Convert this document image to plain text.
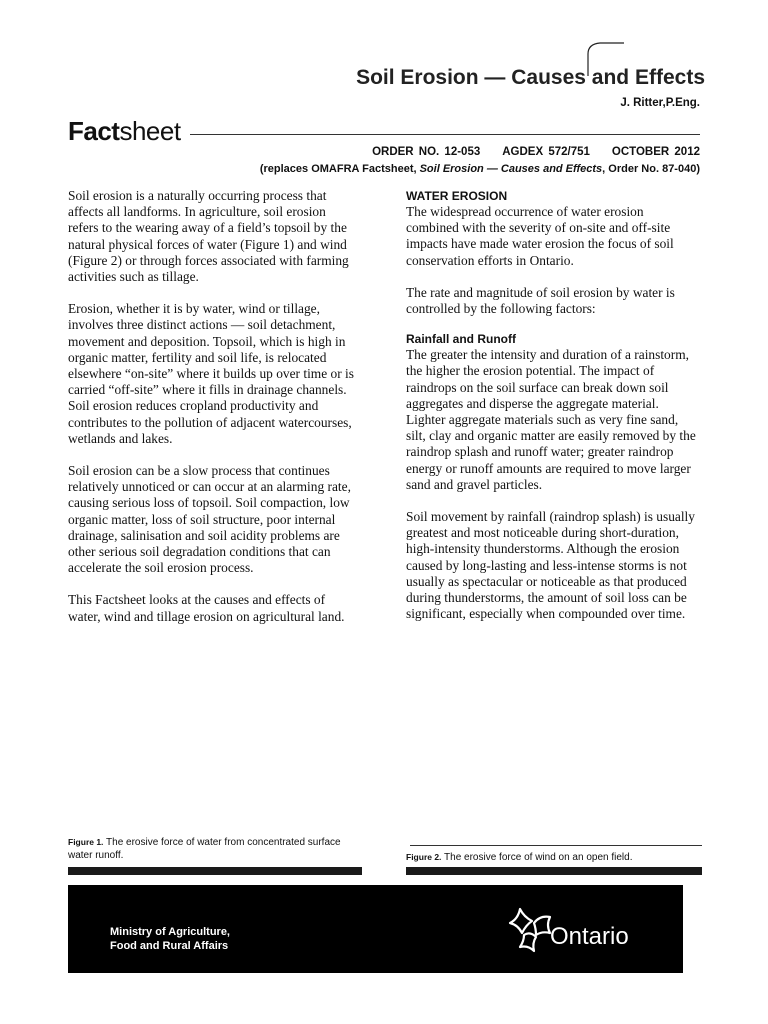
Soil Erosion — Causes and Effects
J. Ritter,P.Eng.
Factsheet
ORDER NO. 12-053 AGDEX 572/751 OCTOBER 2012
(replaces OMAFRA Factsheet, Soil Erosion — Causes and Effects, Order No. 87-040)

Soil erosion is a naturally occurring process that affects all landforms. In agriculture, soil erosion refers to the wearing away of a field’s topsoil by the natural physical forces of water (Figure 1) and wind (Figure 2) or through forces associated with farming activities such as tillage.

Erosion, whether it is by water, wind or tillage, involves three distinct actions — soil detachment, movement and deposition. Topsoil, which is high in organic matter, fertility and soil life, is relocated elsewhere “on-site” where it builds up over time or is carried “off-site” where it fills in drainage channels. Soil erosion reduces cropland productivity and contributes to the pollution of adjacent watercourses, wetlands and lakes.

Soil erosion can be a slow process that continues relatively unnoticed or can occur at an alarming rate, causing serious loss of topsoil. Soil compaction, low organic matter, loss of soil structure, poor internal drainage, salinisation and soil acidity problems are other serious soil degradation conditions that can accelerate the soil erosion process.

This Factsheet looks at the causes and effects of water, wind and tillage erosion on agricultural land.

WATER EROSION

The widespread occurrence of water erosion combined with the severity of on-site and off-site impacts have made water erosion the focus of soil conservation efforts in Ontario.

The rate and magnitude of soil erosion by water is controlled by the following factors:

Rainfall and Runoff

The greater the intensity and duration of a rainstorm, the higher the erosion potential. The impact of raindrops on the soil surface can break down soil aggregates and disperse the aggregate material. Lighter aggregate materials such as very fine sand, silt, clay and organic matter are easily removed by the raindrop splash and runoff water; greater raindrop energy or runoff amounts are required to move larger sand and gravel particles.

Soil movement by rainfall (raindrop splash) is usually greatest and most noticeable during short-duration, high-intensity thunderstorms. Although the erosion caused by long-lasting and less-intense storms is not usually as spectacular or noticeable as that produced during thunderstorms, the amount of soil loss can be significant, especially when compounded over time.

Figure 1. The erosive force of water from concentrated surface water runoff.	Figure 2. The erosive force of wind on an open field.
Ministry of Agriculture,
Food and Rural Affairs	Ontario
